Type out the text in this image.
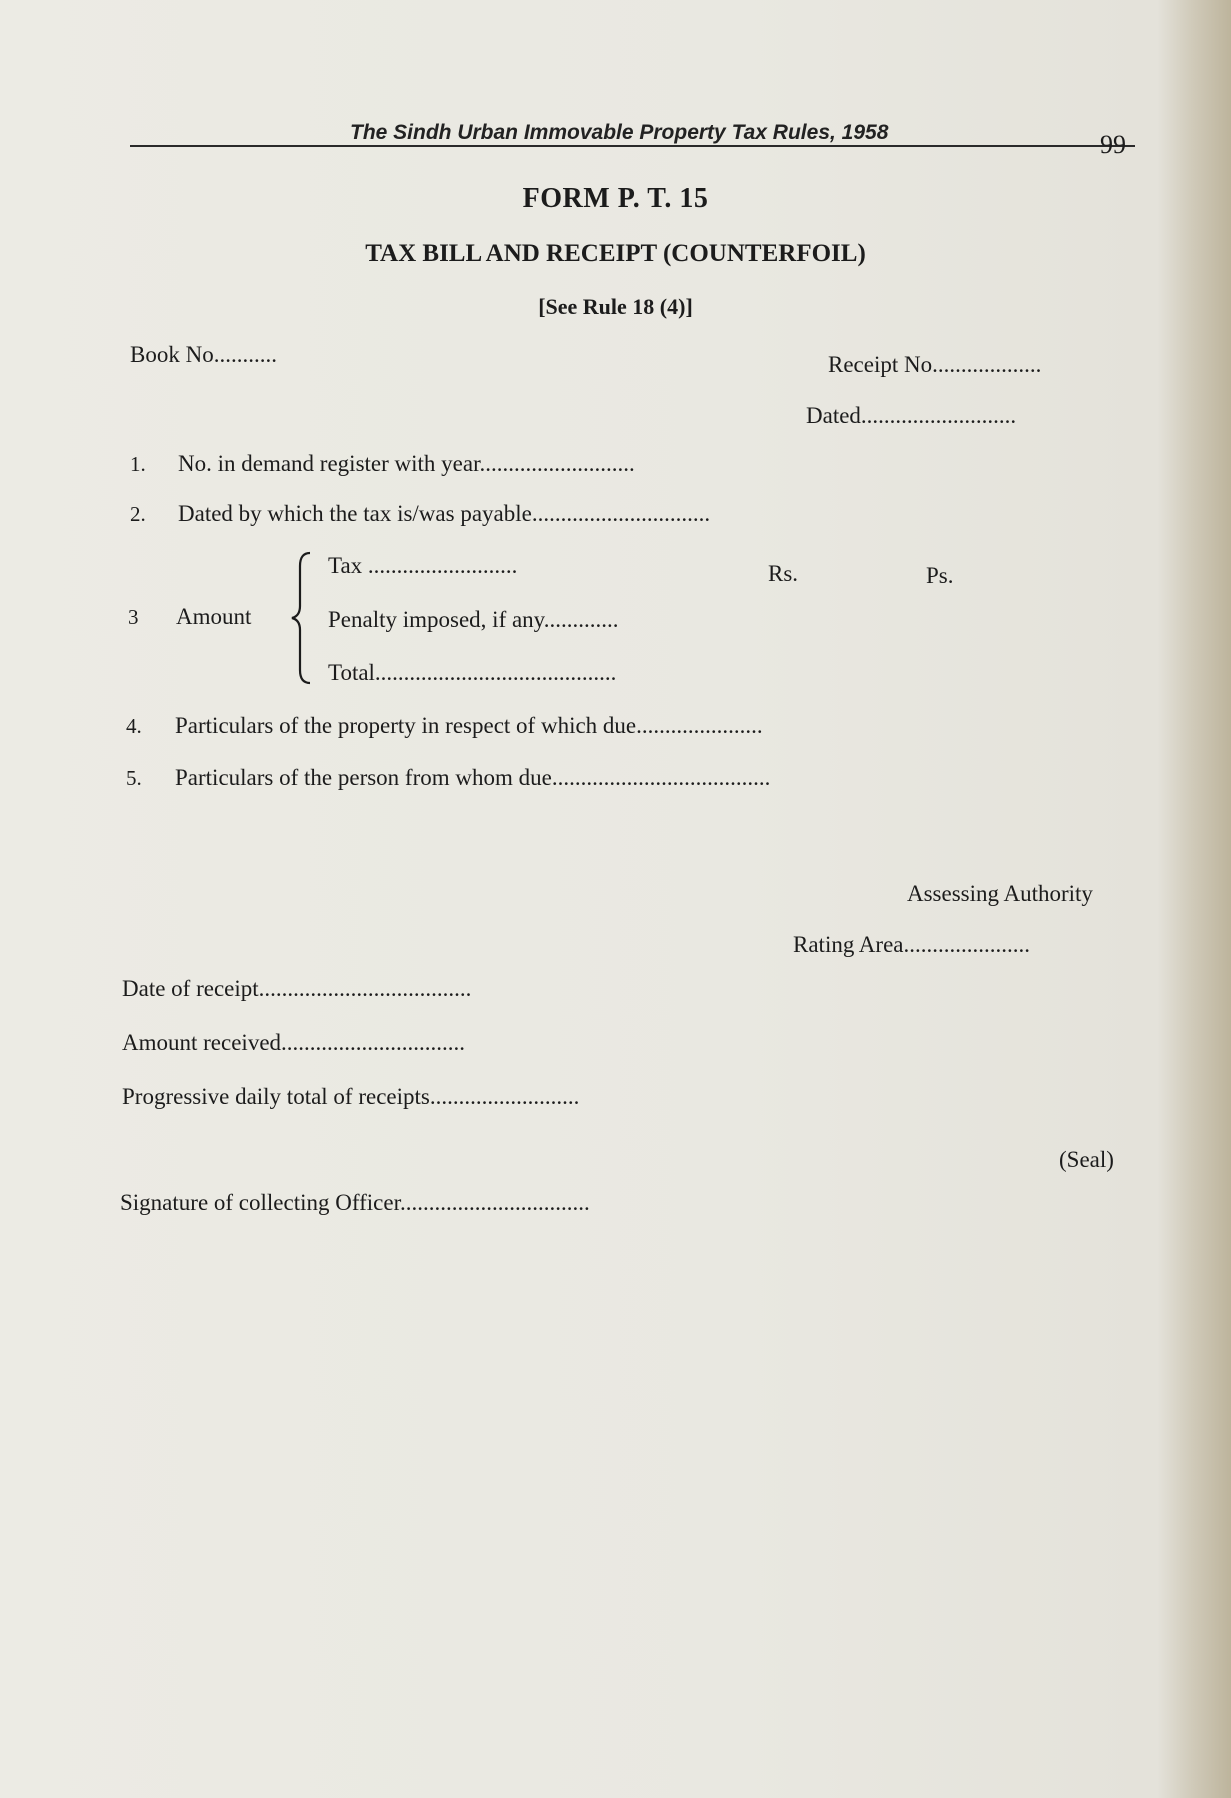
The Sindh Urban Immovable Property Tax Rules, 1958	99
FORM P. T. 15
TAX BILL AND RECEIPT (COUNTERFOIL)
[See Rule 18 (4)]
Book No...........	Receipt No...................
Dated...........................
1. No. in demand register with year...........................
2. Dated by which the tax is/was payable...............................
Tax ..........................	Rs.	Ps.
3 Amount	Penalty imposed, if any.............
Total..........................................
4. Particulars of the property in respect of which due......................
5. Particulars of the person from whom due......................................
Assessing Authority
Rating Area......................
Date of receipt.....................................
Amount received................................
Progressive daily total of receipts..........................
(Seal)
Signature of collecting Officer.................................
